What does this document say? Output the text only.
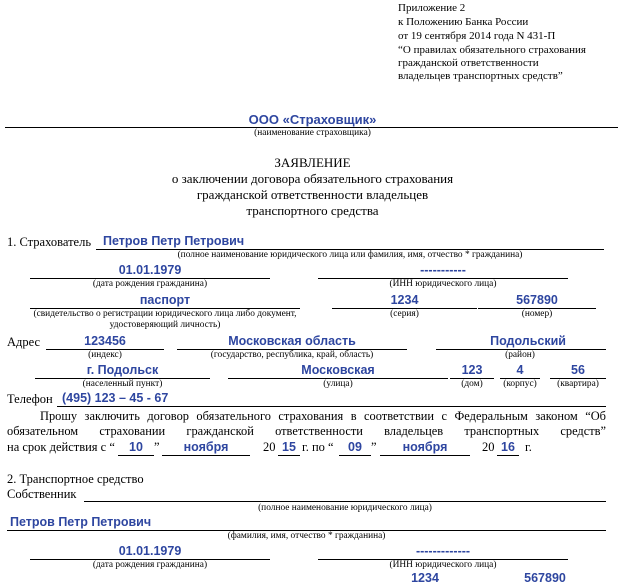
Приложение 2
к Положению Банка России
от 19 сентября 2014 года N 431-П
“О правилах обязательного страхования
гражданской ответственности
владельцев транспортных средств”
ООО «Страховщик»
(наименование страховщика)
ЗАЯВЛЕНИЕ
о заключении договора обязательного страхования
гражданской ответственности владельцев
транспортного средства
1. Страхователь Петров Петр Петрович
(полное наименование юридического лица или фамилия, имя, отчество * гражданина)
01.01.1979
(дата рождения гражданина)
-----------
(ИНН юридического лица)
паспорт
(свидетельство о регистрации юридического лица либо документ,
удостоверяющий личность)
1234
(серия)
567890
(номер)
Адрес	123456
(индекс)
Московская область
(государство, республика, край, область)
Подольский
(район)
г. Подольск
(населенный пункт)
Московская
(улица)
123
(дом)
4
(корпус)
56
(квартира)
Телефон (495) 123 – 45 - 67
Прошу заключить договор обязательного страхования в соответствии с Федеральным законом “Об
обязательном страховании гражданской ответственности владельцев транспортных средств”
на срок действия с “	10 ”	ноября	20 15 г. по “	09 ”	ноября	20 16 г.
2. Транспортное средство
Собственник
(полное наименование юридического лица)
Петров Петр Петрович
(фамилия, имя, отчество * гражданина)
01.01.1979
(дата рождения гражданина)
-------------
(ИНН юридического лица)
1234	567890
